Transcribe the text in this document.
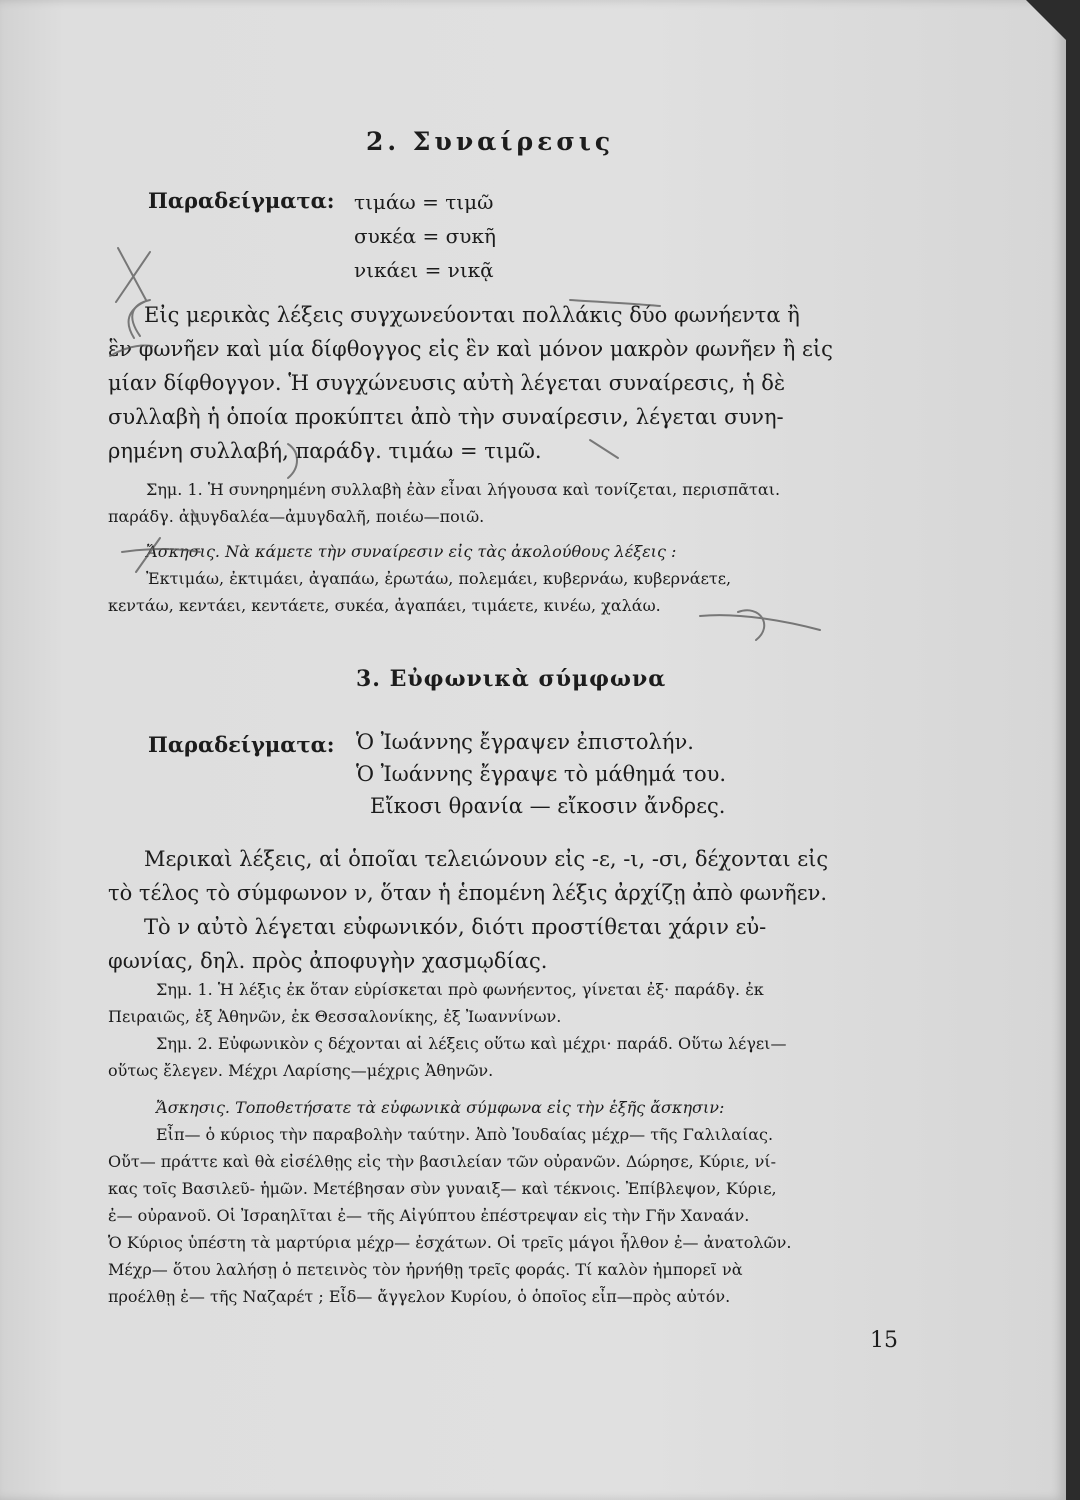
2. Συναίρεσις
Παραδείγματα: τιμάω = τιμῶ
συκέα = συκῆ
νικάει = νικᾷ
Εἰς μερικὰς λέξεις συγχωνεύονται πολλάκις δύο φωνήεντα ἢ
ἓν φωνῆεν καὶ μία δίφθογγος εἰς ἓν καὶ μόνον μακρὸν φωνῆεν ἢ εἰς
μίαν δίφθογγον. Ἡ συγχώνευσις αὐτὴ λέγεται συναίρεσις, ἡ δὲ
συλλαβὴ ἡ ὁποία προκύπτει ἀπὸ τὴν συναίρεσιν, λέγεται συνη-
ρημένη συλλαβή, παράδγ. τιμάω = τιμῶ.
Σημ. 1. Ἡ συνηρημένη συλλαβὴ ἐὰν εἶναι λήγουσα καὶ τονίζεται, περισπᾶται.
παράδγ. ἀμυγδαλέα—ἀμυγδαλῆ, ποιέω—ποιῶ.
Ἄσκησις. Νὰ κάμετε τὴν συναίρεσιν εἰς τὰς ἀκολούθους λέξεις :
Ἐκτιμάω, ἐκτιμάει, ἀγαπάω, ἐρωτάω, πολεμάει, κυβερνάω, κυβερνάετε,
κεντάω, κεντάει, κεντάετε, συκέα, ἀγαπάει, τιμάετε, κινέω, χαλάω.
3. Εὐφωνικὰ σύμφωνα
Παραδείγματα: Ὁ Ἰωάννης ἔγραψεν ἐπιστολήν.
Ὁ Ἰωάννης ἔγραψε τὸ μάθημά του.
Εἴκοσι θρανία — εἴκοσιν ἄνδρες.
Μερικαὶ λέξεις, αἱ ὁποῖαι τελειώνουν εἰς -ε, -ι, -σι, δέχονται εἰς
τὸ τέλος τὸ σύμφωνον ν, ὅταν ἡ ἑπομένη λέξις ἀρχίζῃ ἀπὸ φωνῆεν.
Τὸ ν αὐτὸ λέγεται εὐφωνικόν, διότι προστίθεται χάριν εὐ-
φωνίας, δηλ. πρὸς ἀποφυγὴν χασμῳδίας.
Σημ. 1. Ἡ λέξις ἐκ ὅταν εὑρίσκεται πρὸ φωνήεντος, γίνεται ἐξ· παράδγ. ἐκ
Πειραιῶς, ἐξ Ἀθηνῶν, ἐκ Θεσσαλονίκης, ἐξ Ἰωαννίνων.
Σημ. 2. Εὐφωνικὸν ς δέχονται αἱ λέξεις οὕτω καὶ μέχρι· παράδ. Οὕτω λέγει—
οὕτως ἔλεγεν. Μέχρι Λαρίσης—μέχρις Ἀθηνῶν.
Ἄσκησις. Τοποθετήσατε τὰ εὐφωνικὰ σύμφωνα εἰς τὴν ἑξῆς ἄσκησιν:
Εἶπ— ὁ κύριος τὴν παραβολὴν ταύτην. Ἀπὸ Ἰουδαίας μέχρ— τῆς Γαλιλαίας.
Οὔτ— πράττε καὶ θὰ εἰσέλθῃς εἰς τὴν βασιλείαν τῶν οὐρανῶν. Δώρησε, Κύριε, νί-
κας τοῖς Βασιλεῦ- ἡμῶν. Μετέβησαν σὺν γυναιξ— καὶ τέκνοις. Ἐπίβλεψον, Κύριε,
ἐ— οὐρανοῦ. Οἱ Ἰσραηλῖται ἐ— τῆς Αἰγύπτου ἐπέστρεψαν εἰς τὴν Γῆν Χαναάν.
Ὁ Κύριος ὑπέστη τὰ μαρτύρια μέχρ— ἐσχάτων. Οἱ τρεῖς μάγοι ἦλθον ἐ— ἀνατολῶν.
Μέχρ— ὅτου λαλήσῃ ὁ πετεινὸς τὸν ἠρνήθῃ τρεῖς φοράς. Τί καλὸν ἠμπορεῖ νὰ
προέλθῃ ἐ— τῆς Ναζαρέτ ; Εἶδ— ἄγγελον Κυρίου, ὁ ὁποῖος εἶπ—πρὸς αὐτόν.
15
